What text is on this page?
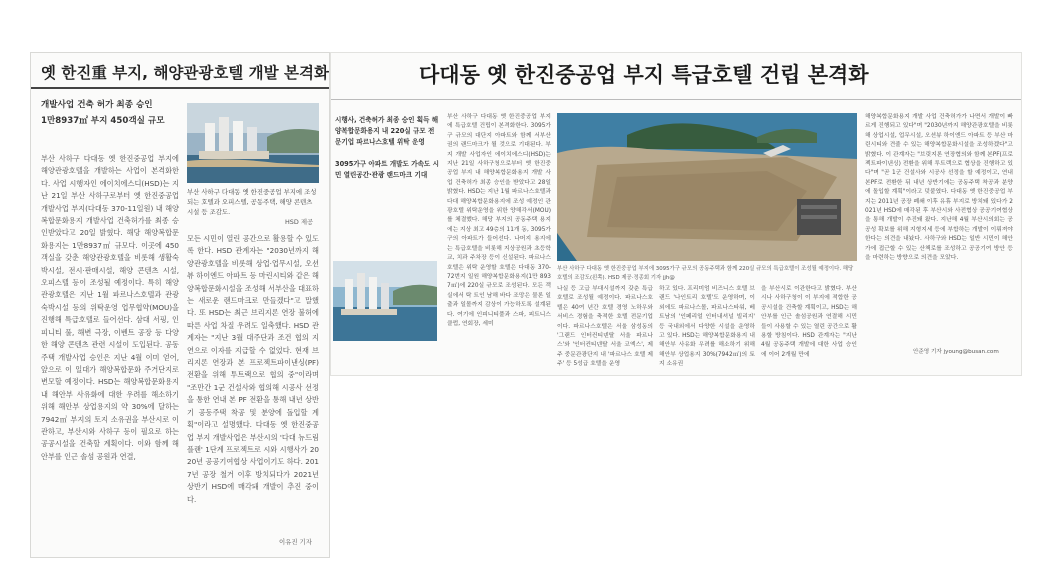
옛 한진重 부지, 해양관광호텔 개발 본격화
개발사업 건축 허가 최종 승인
1만8937㎡ 부지 450객실 규모
부산 사하구 다대동 옛 한진중공업 부지에 해양관광호텔을 개발하는 사업이 본격화한다. 사업 시행자인 에이치에스디(HSD)는 지난 21일 부산 사하구로부터 옛 한진중공업 개발사업 부지(다대동 370-11일원) 내 해양복합문화용지 개발사업 건축허가를 최종 승인받았다고 20일 밝혔다. 해당 해양복합문화용지는 1만8937㎡ 규모다. 이곳에 450객실을 갖춘 해양관광호텔을 비롯해 생활숙박시설, 전시·판매시설, 해양 콘텐츠 시설, 오피스텔 등이 조성될 예정이다. 특히 해양관광호텔은 지난 1월 파르나스호텔과 관광숙박시설 등의 위탁운영 업무협약(MOU)을 진행해 특급호텔로 들어선다. 삼대 서핑, 인피니티 풀, 해변 극장, 이벤트 공장 등 다양한 해양 콘텐츠 관련 시설이 도입된다. 공동주택 개발사업 승인은 지난 4월 이미 얻어, 앞으로 이 일대가 해양복합문화 주거단지로 변모할 예정이다. HSD는 해양복합문화용지 내 해안부 사유화에 대한 우려를 해소하기 위해 해안부 상업용지의 약 30%에 달하는 7942㎡ 부지의 토지 소유권을 부산시로 이관하고, 부산시와 사하구 등이 필요로 하는 공공시설을 건축할 계획이다. 이와 함께 해안부를 인근 솔섬 공원과 연결,
부산 사하구 다대동 옛 한진중공업 부지에 조성되는 호텔과 오피스텔, 공동주택, 해양 콘텐츠 시설 등 조감도.
HSD 제공
모든 시민이 열린 공간으로 활용할 수 있도록 한다. HSD 관계자는 "2030년까지 해양관광호텔을 비롯해 상업·업무시설, 오션뷰 하이엔드 아파트 등 마린시티와 같은 해양복합문화시설을 조성해 서부산을 대표하는 새로운 랜드마크로 만들겠다"고 말했다. 또 HSD는 최근 브리지론 연장 불허에 따른 사업 차질 우려도 일축했다. HSD 관계자는 "지난 3월 대주단과 조건 협의 지연으로 이자를 지급할 수 없었다. 현재 브리지론 연장과 본 프로젝트파이낸싱(PF) 전환을 위해 투트랙으로 협의 중"이라며 "조만간 1군 건설사와 협의해 시공사 선정을 통한 연내 본 PF 전환을 통해 내년 상반기 공동주택 착공 및 분양에 돌입할 계획"이라고 설명했다. 다대동 옛 한진중공업 부지 개발사업은 부산시의 '다대 뉴드림 플랜' 1단계 프로젝트로 시와 시행사가 2020년 공공기여협상 사업이기도 하다. 2017년 공장 철거 이후 방치되다가 2021년 상반기 HSD에 매각돼 개발이 추진 중이다.
이유진 기자
다대동 옛 한진중공업 부지 특급호텔 건립 본격화
시행사, 건축허가 최종 승인 획득 해양복합문화용지 내 220실 규모 전문기업 파르나스호텔 위탁 운영
3095가구 아파트 개발도 가속도 시민 열린공간·관광 랜드마크 기대
부산 사하구 다대동 옛 한진중공업 부지에 특급호텔 건립이 본격화한다. 3095가구 규모의 대단지 아파트와 함께 서부산권의 랜드마크가 될 것으로 기대된다. 부지 개발 사업자인 에이치에스디(HSD)는 지난 21일 사하구청으로부터 옛 한진중공업 부지 내 해양복합문화용지 개발 사업 건축허가 최종 승인을 받았다고 28일 밝혔다. HSD는 지난 1월 파르나스호텔과 다대 해양복합문화용지에 조성 예정인 관광호텔 위탁운영을 위한 양해각서(MOU)를 체결했다. 해당 부지의 공동주택 용지에는 지상 최고 49층의 11개 동, 3095가구의 아파트가 들어선다. 나머지 용지에는 특급호텔을 비롯해 지상공원과 초등학교, 치과 주차장 등이 신설된다. 파르나스호텔은 위탁 운영할 호텔은 다대동 370-72번지 일원 해양복합문화용지(1만 8937㎡)에 220실 규모로 조성된다. 모든 객실에서 탁 트인 남해 바다 조망은 물론 일출과 일몰까지 감상이 가능하도록 설계된다. 여기에 인피니티풀과 스파, 피트니스클럽, 연회장, 세미
부산 사하구 다대동 옛 한진중공업 부지에 3095가구 규모의 공동주택과 함께 220실 규모의 특급호텔이 조성될 예정이다. 해당 호텔의 조감도(왼쪽). HSD 제공·정종회 기자 jjh@
나실 등 고급 부대시설까지 갖춘 특급호텔로 조성될 예정이다. 파르나스호텔은 40여 년간 호텔 경영 노하우와 서비스 경험을 축적한 호텔 전문기업이다. 파르나스호텔은 서울 삼성동의 '그랜드 인터컨티넨탈 서울 파르나스'와 '인터컨티넨탈 서울 코엑스', 제주 중문관광단지 내 '파르나스 호텔 제주' 등 5성급 호텔을 운영
하고 있다. 프리미엄 비즈니스 호텔 브랜드 '나인트리 호텔'도 운영하며, 이 외에도 파르나스몰, 파르나스타워, 베트남의 '인페리얼 인터내셔널 빌리지' 등 국내외에서 다양한 시설을 운영하고 있다. HSD는 해양복합문화용지 내 해안부 사유화 우려를 해소하기 위해 해안부 상업용지 30%(7942㎡)의 토지 소유권
을 부산시로 이관한다고 밝혔다. 부산시나 사하구청이 이 부지에 적합한 공공시설을 건축할 계획이고, HSD는 해안부를 인근 솔섬공원과 연결해 시민들이 사용할 수 있는 열린 공간으로 활용할 방침이다. HSD 관계자는 "지난 4월 공동주택 개발에 대한 사업 승인에 이어 2개월 만에
해양복합문화용지 개발 사업 건축허가가 나면서 개발이 빠르게 진행되고 있다"며 "2030년까지 해양관광호텔을 비롯해 상업시설, 업무시설, 오션뷰 하이엔드 아파트 등 부산 마린시티와 견줄 수 있는 해양복합문화시설을 조성하겠다"고 밝혔다. 이 관계자는 "브릿지론 연장협의와 함께 본PF(프로젝트파이낸싱) 전환을 위해 투트랙으로 협상을 진행하고 있다"며 "곧 1군 건설사와 시공사 선정을 할 예정이고, 연내 본PF로 전환한 뒤 내년 상반기에는 공동주택 착공과 분양에 돌입할 계획"이라고 덧붙였다. 다대동 옛 한진중공업 부지는 2011년 공장 폐쇄 이후 유휴 부지로 방치돼 있다가 2021년 HSD에 매각된 후 부산시와 사전협상 공공기여협상을 통해 개발이 추진돼 왔다. 지난해 4월 부산시의회는 공공성 확보를 위해 지형지세 등에 부합하는 개발이 이뤄져야 한다는 의견을 내놨다. 사하구와 HSD는 일반 시민이 해안가에 접근할 수 있는 산책로를 조성하고 공공기여 방안 등을 마련하는 방향으로 의견을 모았다.
안준영 기자 jyoung@busan.com
